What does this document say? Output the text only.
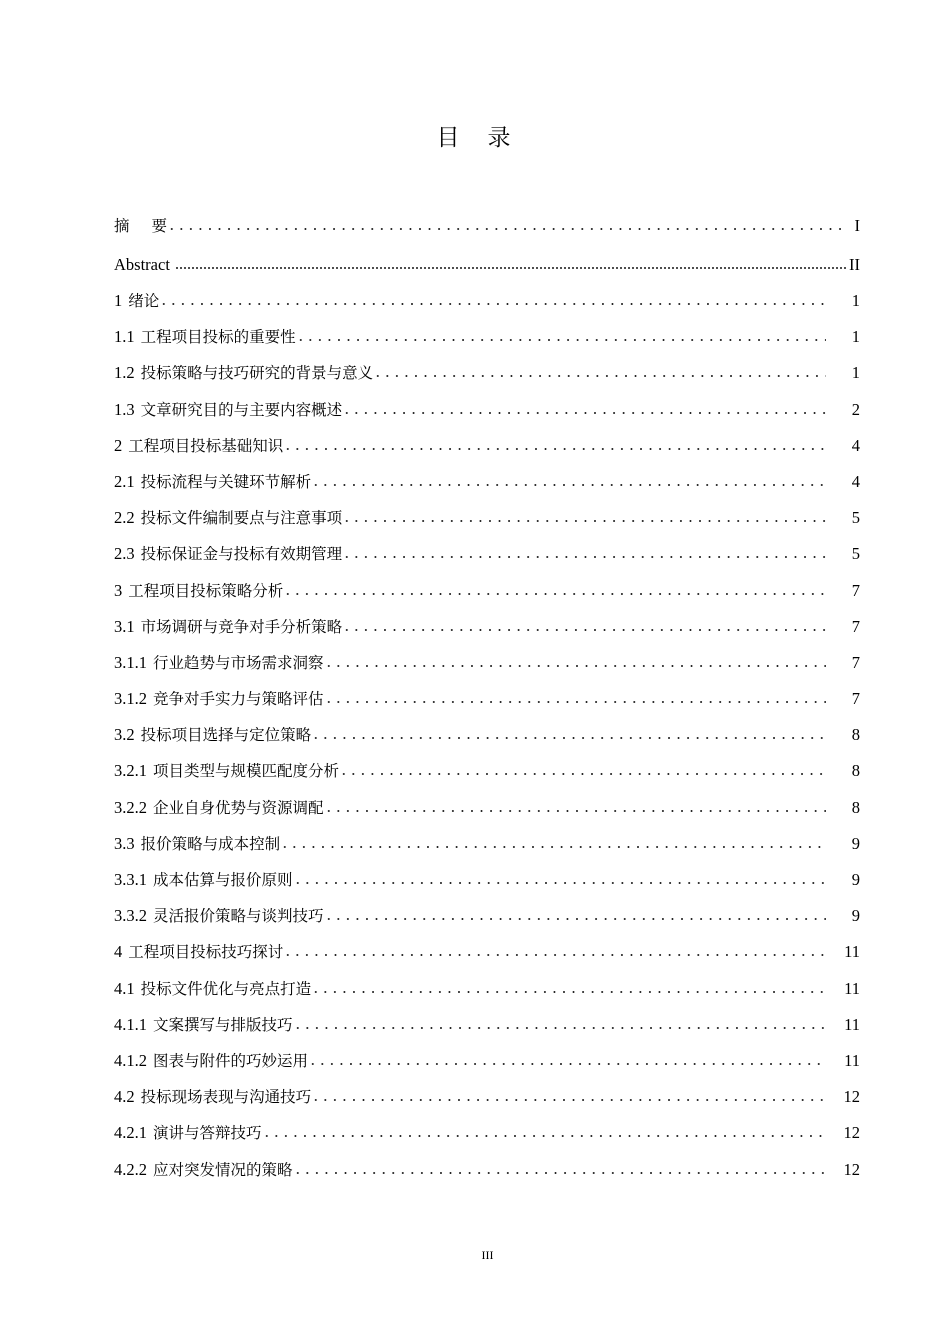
目录
摘 要	I
Abstract	II
1 绪论	1
1.1 工程项目投标的重要性	1
1.2 投标策略与技巧研究的背景与意义	1
1.3 文章研究目的与主要内容概述	2
2 工程项目投标基础知识	4
2.1 投标流程与关键环节解析	4
2.2 投标文件编制要点与注意事项	5
2.3 投标保证金与投标有效期管理	5
3 工程项目投标策略分析	7
3.1 市场调研与竞争对手分析策略	7
3.1.1 行业趋势与市场需求洞察	7
3.1.2 竞争对手实力与策略评估	7
3.2 投标项目选择与定位策略	8
3.2.1 项目类型与规模匹配度分析	8
3.2.2 企业自身优势与资源调配	8
3.3 报价策略与成本控制	9
3.3.1 成本估算与报价原则	9
3.3.2 灵活报价策略与谈判技巧	9
4 工程项目投标技巧探讨	11
4.1 投标文件优化与亮点打造	11
4.1.1 文案撰写与排版技巧	11
4.1.2 图表与附件的巧妙运用	11
4.2 投标现场表现与沟通技巧	12
4.2.1 演讲与答辩技巧	12
4.2.2 应对突发情况的策略	12
III
